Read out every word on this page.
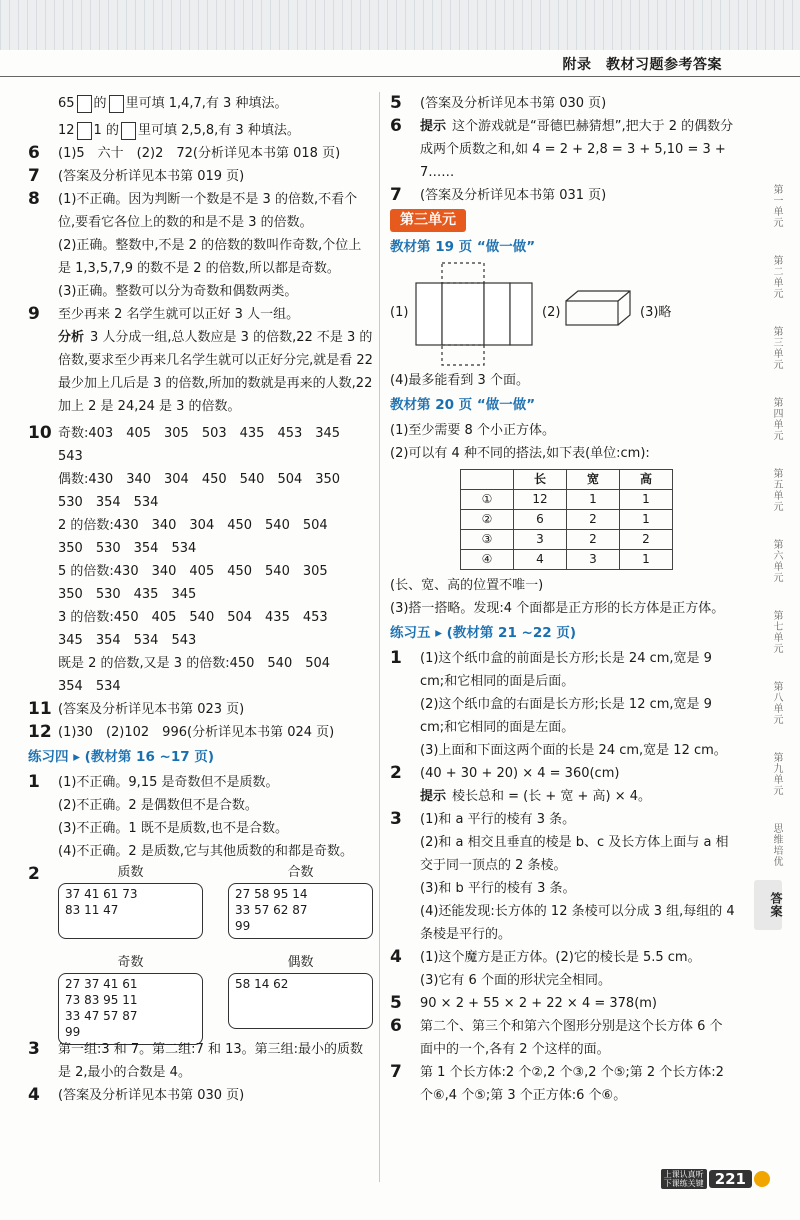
附录　教材习题参考答案
65 的 里可填 1,4,7,有 3 种填法。
12 1 的 里可填 2,5,8,有 3 种填法。
6 (1)5　六十　(2)2　72(分析详见本书第 018 页)
7 (答案及分析详见本书第 019 页)
8 (1)不正确。因为判断一个数是不是 3 的倍数,不看个位,要看它各位上的数的和是不是 3 的倍数。
(2)正确。整数中,不是 2 的倍数的数叫作奇数,个位上是 1,3,5,7,9 的数不是 2 的倍数,所以都是奇数。
(3)正确。整数可以分为奇数和偶数两类。
9 至少再来 2 名学生就可以正好 3 人一组。
分析 3 人分成一组,总人数应是 3 的倍数,22 不是 3 的倍数,要求至少再来几名学生就可以正好分完,就是看 22 最少加上几后是 3 的倍数,所加的数就是再来的人数,22 加上 2 是 24,24 是 3 的倍数。
10 奇数:403　405　305　503　435　453　345　543
偶数:430　340　304　450　540　504　350
530　354　534
2 的倍数:430　340　304　450　540　504
350　530　354　534
5 的倍数:430　340　405　450　540　305
350　530　435　345
3 的倍数:450　405　540　504　435　453
345　354　534　543
既是 2 的倍数,又是 3 的倍数:450　540　504
354　534
11 (答案及分析详见本书第 023 页)
12 (1)30　(2)102　996(分析详见本书第 024 页)
练习四 ▸ (教材第 16 ~17 页)
1 (1)不正确。9,15 是奇数但不是质数。
(2)不正确。2 是偶数但不是合数。
(3)不正确。1 既不是质数,也不是合数。
(4)不正确。2 是质数,它与其他质数的和都是奇数。
2	质数
37 41 61 73
83 11 47
合数
27 58 95 14
33 57 62 87
99
奇数
27 37 41 61
73 83 95 11
33 47 57 87
99
偶数
58 14 62
3 第一组:3 和 7。第二组:7 和 13。第三组:最小的质数是 2,最小的合数是 4。
4 (答案及分析详见本书第 030 页)
5 (答案及分析详见本书第 030 页)
6 提示 这个游戏就是“哥德巴赫猜想”,把大于 2 的偶数分成两个质数之和,如 4 = 2 + 2,8 = 3 + 5,10 = 3 + 7……
7 (答案及分析详见本书第 031 页)
第三单元
教材第 19 页 “做一做”
(1)	(2)	(3)略
(4)最多能看到 3 个面。
教材第 20 页 “做一做”
(1)至少需要 8 个小正方体。
(2)可以有 4 种不同的搭法,如下表(单位:cm):
	长	宽	高
①	12	1	1
②	6	2	1
③	3	2	2
④	4	3	1
(长、宽、高的位置不唯一)
(3)搭一搭略。发现:4 个面都是正方形的长方体是正方体。
练习五 ▸ (教材第 21 ~22 页)
1 (1)这个纸巾盒的前面是长方形;长是 24 cm,宽是 9 cm;和它相同的面是后面。
(2)这个纸巾盒的右面是长方形;长是 12 cm,宽是 9 cm;和它相同的面是左面。
(3)上面和下面这两个面的长是 24 cm,宽是 12 cm。
2 (40 + 30 + 20) × 4 = 360(cm)
提示 棱长总和 = (长 + 宽 + 高) × 4。
3 (1)和 a 平行的棱有 3 条。
(2)和 a 相交且垂直的棱是 b、c 及长方体上面与 a 相交于同一顶点的 2 条棱。
(3)和 b 平行的棱有 3 条。
(4)还能发现:长方体的 12 条棱可以分成 3 组,每组的 4 条棱是平行的。
4 (1)这个魔方是正方体。(2)它的棱长是 5.5 cm。
(3)它有 6 个面的形状完全相同。
5 90 × 2 + 55 × 2 + 22 × 4 = 378(m)
6 第二个、第三个和第六个图形分别是这个长方体 6 个面中的一个,各有 2 个这样的面。
7 第 1 个长方体:2 个②,2 个③,2 个⑤;第 2 个长方体:2 个⑥,4 个⑤;第 3 个正方体:6 个⑥。
第一单元
第二单元
第三单元
第四单元
第五单元
第六单元
第七单元
第八单元
第九单元
思维培优
答案
上课认真听
下课练关键 221
